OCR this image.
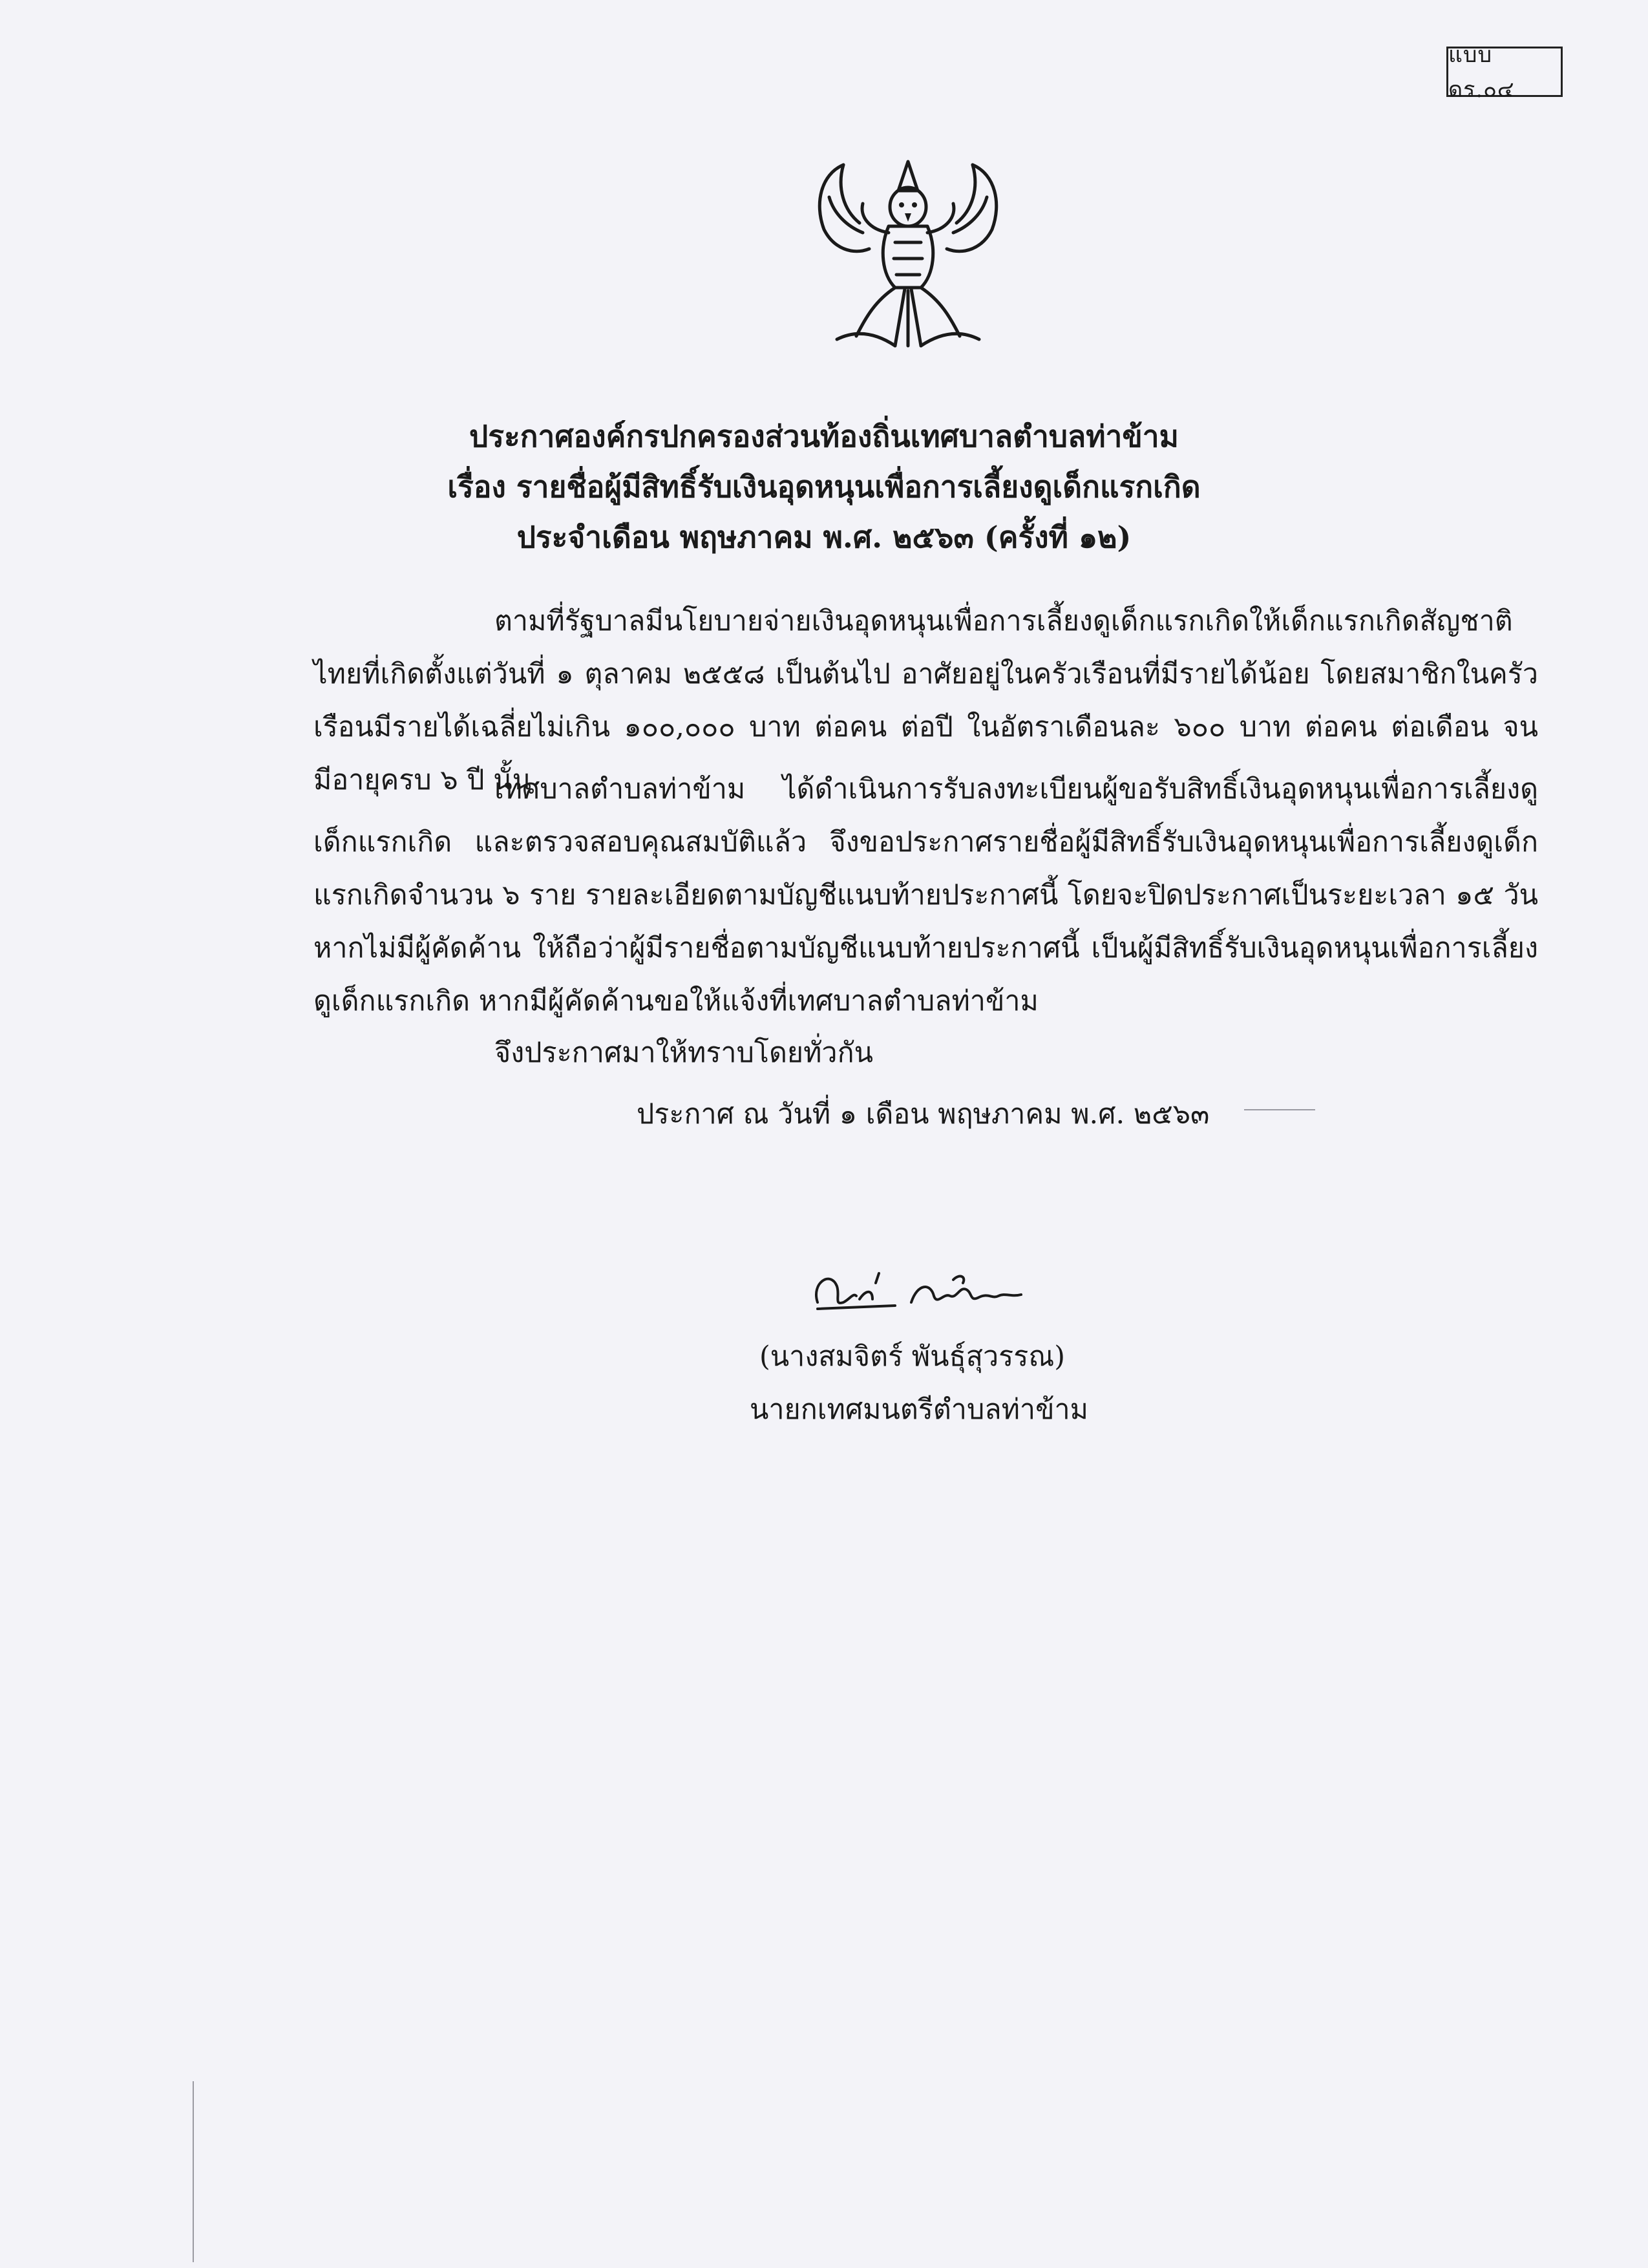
แบบ ดร.๐๔
ประกาศองค์กรปกครองส่วนท้องถิ่นเทศบาลตำบลท่าข้าม
เรื่อง รายชื่อผู้มีสิทธิ์รับเงินอุดหนุนเพื่อการเลี้ยงดูเด็กแรกเกิด
ประจำเดือน พฤษภาคม พ.ศ. ๒๕๖๓ (ครั้งที่ ๑๒)

ตามที่รัฐบาลมีนโยบายจ่ายเงินอุดหนุนเพื่อการเลี้ยงดูเด็กแรกเกิดให้เด็กแรกเกิดสัญชาติไทยที่เกิดตั้งแต่วันที่ ๑ ตุลาคม ๒๕๕๘ เป็นต้นไป อาศัยอยู่ในครัวเรือนที่มีรายได้น้อย โดยสมาชิกในครัวเรือนมีรายได้เฉลี่ยไม่เกิน ๑๐๐,๐๐๐ บาท ต่อคน ต่อปี ในอัตราเดือนละ ๖๐๐ บาท ต่อคน ต่อเดือน จนมีอายุครบ ๖ ปี นั้น

เทศบาลตำบลท่าข้าม ได้ดำเนินการรับลงทะเบียนผู้ขอรับสิทธิ์เงินอุดหนุนเพื่อการเลี้ยงดูเด็กแรกเกิด และตรวจสอบคุณสมบัติแล้ว จึงขอประกาศรายชื่อผู้มีสิทธิ์รับเงินอุดหนุนเพื่อการเลี้ยงดูเด็กแรกเกิดจำนวน ๖ ราย รายละเอียดตามบัญชีแนบท้ายประกาศนี้ โดยจะปิดประกาศเป็นระยะเวลา ๑๕ วัน หากไม่มีผู้คัดค้าน ให้ถือว่าผู้มีรายชื่อตามบัญชีแนบท้ายประกาศนี้ เป็นผู้มีสิทธิ์รับเงินอุดหนุนเพื่อการเลี้ยงดูเด็กแรกเกิด หากมีผู้คัดค้านขอให้แจ้งที่เทศบาลตำบลท่าข้าม

จึงประกาศมาให้ทราบโดยทั่วกัน
ประกาศ ณ วันที่ ๑ เดือน พฤษภาคม พ.ศ. ๒๕๖๓
(นางสมจิตร์ พันธุ์สุวรรณ)
นายกเทศมนตรีตำบลท่าข้าม
